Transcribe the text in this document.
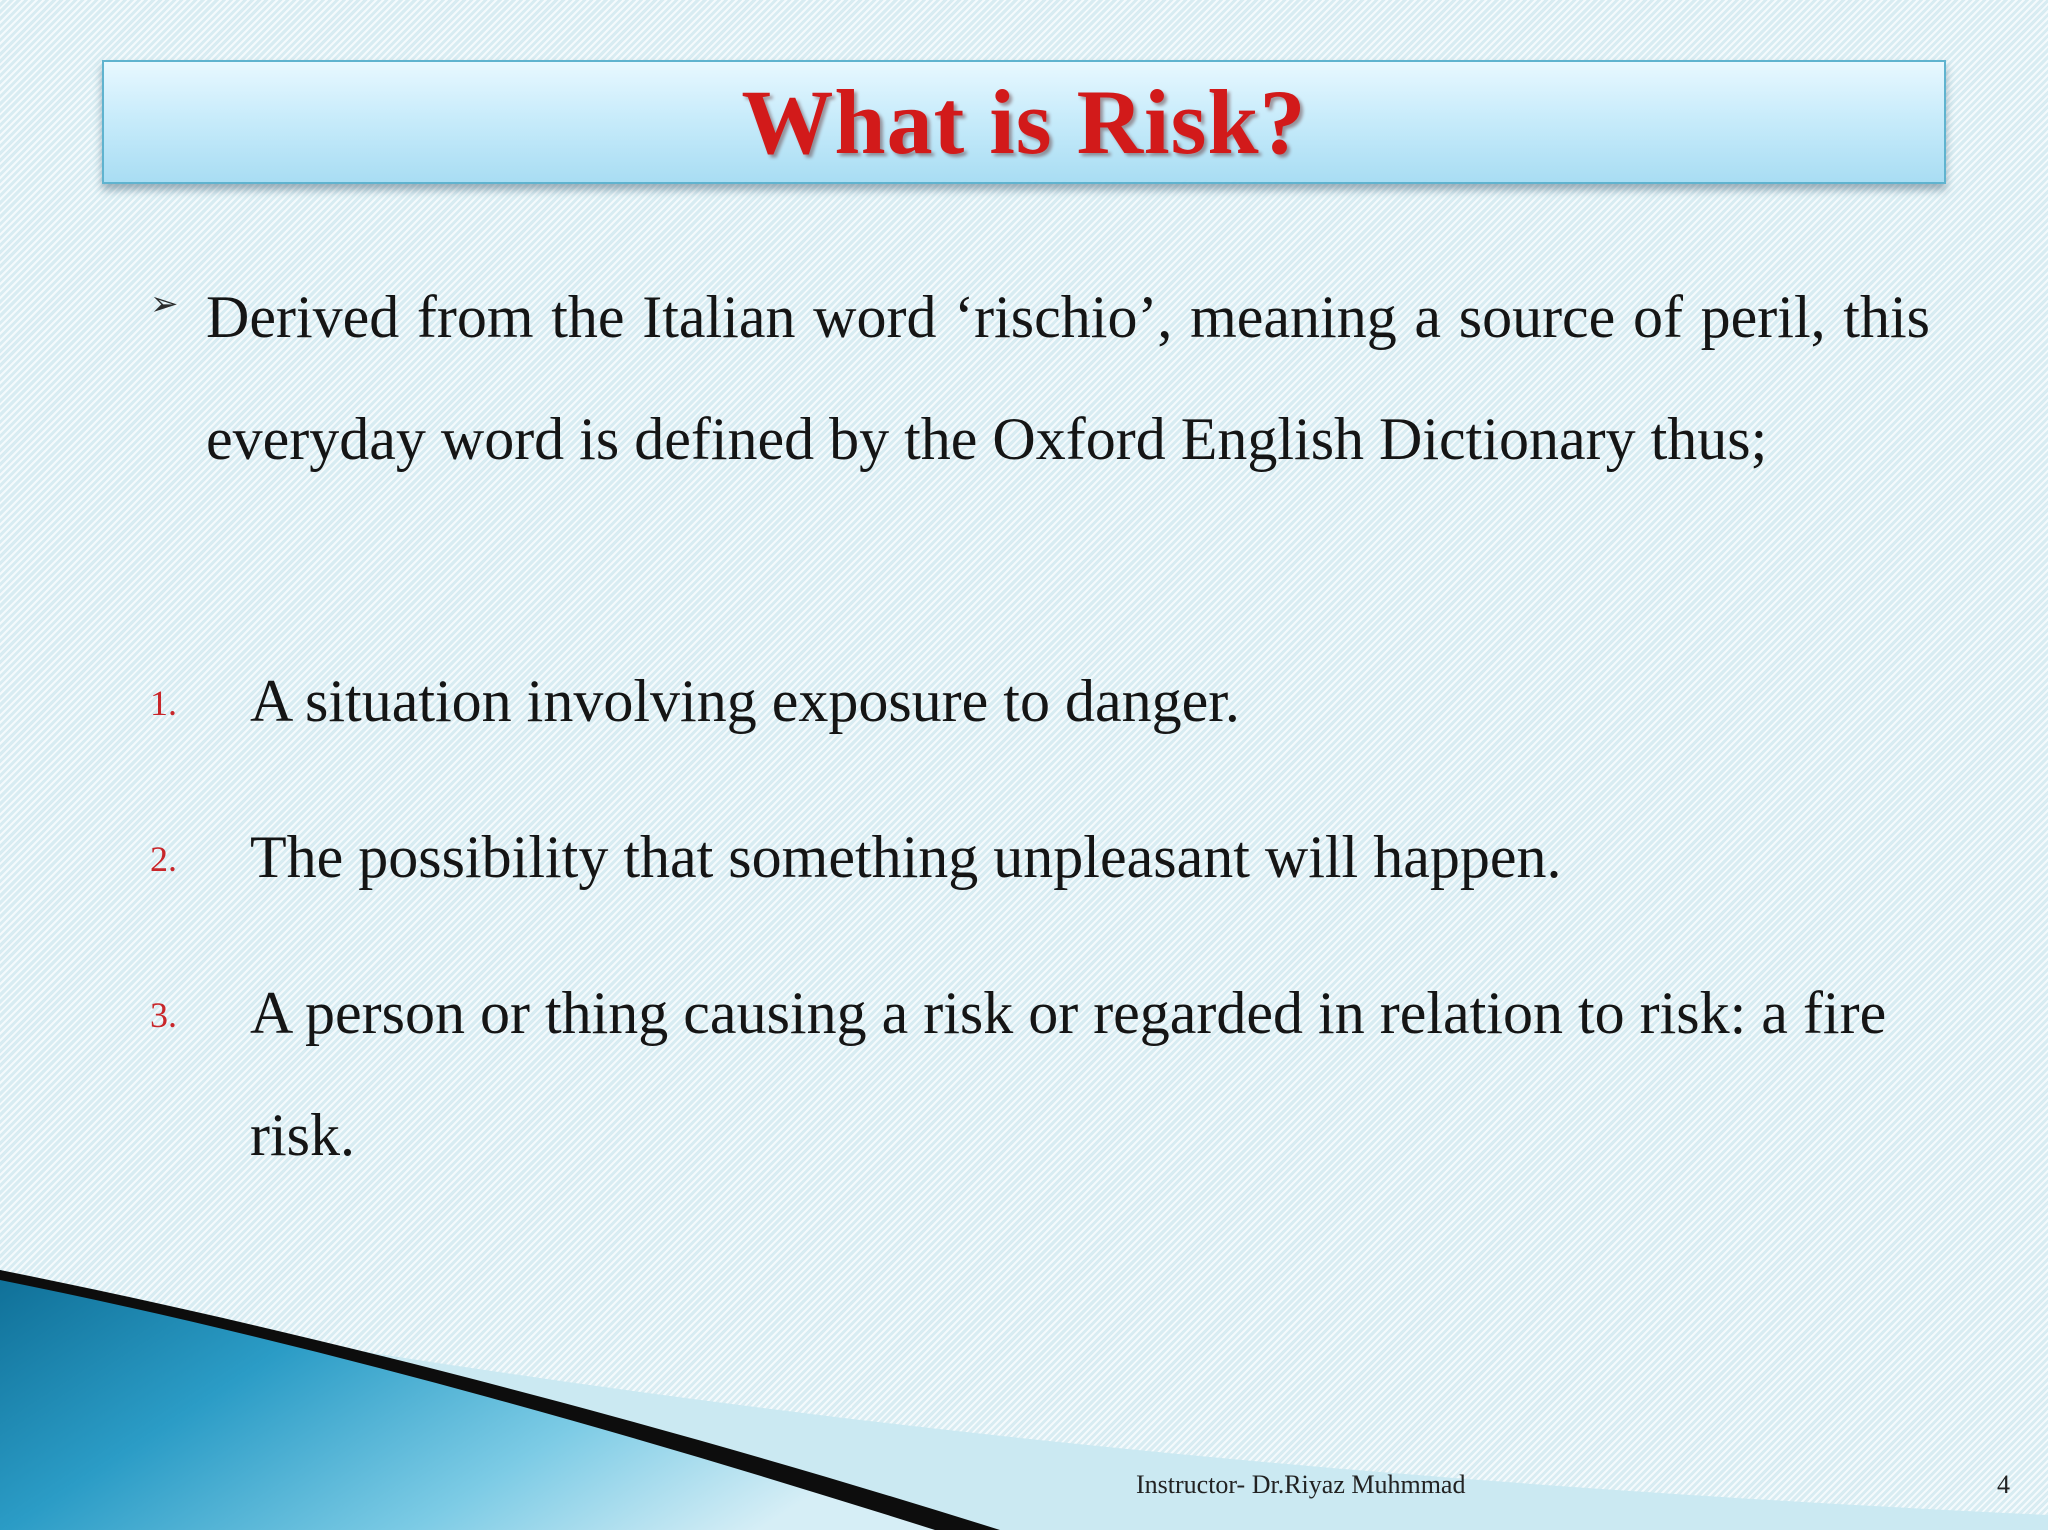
What is Risk?
➢ Derived from the Italian word ‘rischio’, meaning a source of peril, this everyday word is defined by the Oxford English Dictionary thus;
1.	A situation involving exposure to danger.
2.	The possibility that something unpleasant will happen.
3.	A person or thing causing a risk or regarded in relation to risk: a fire risk.
Instructor- Dr.Riyaz Muhmmad	4
